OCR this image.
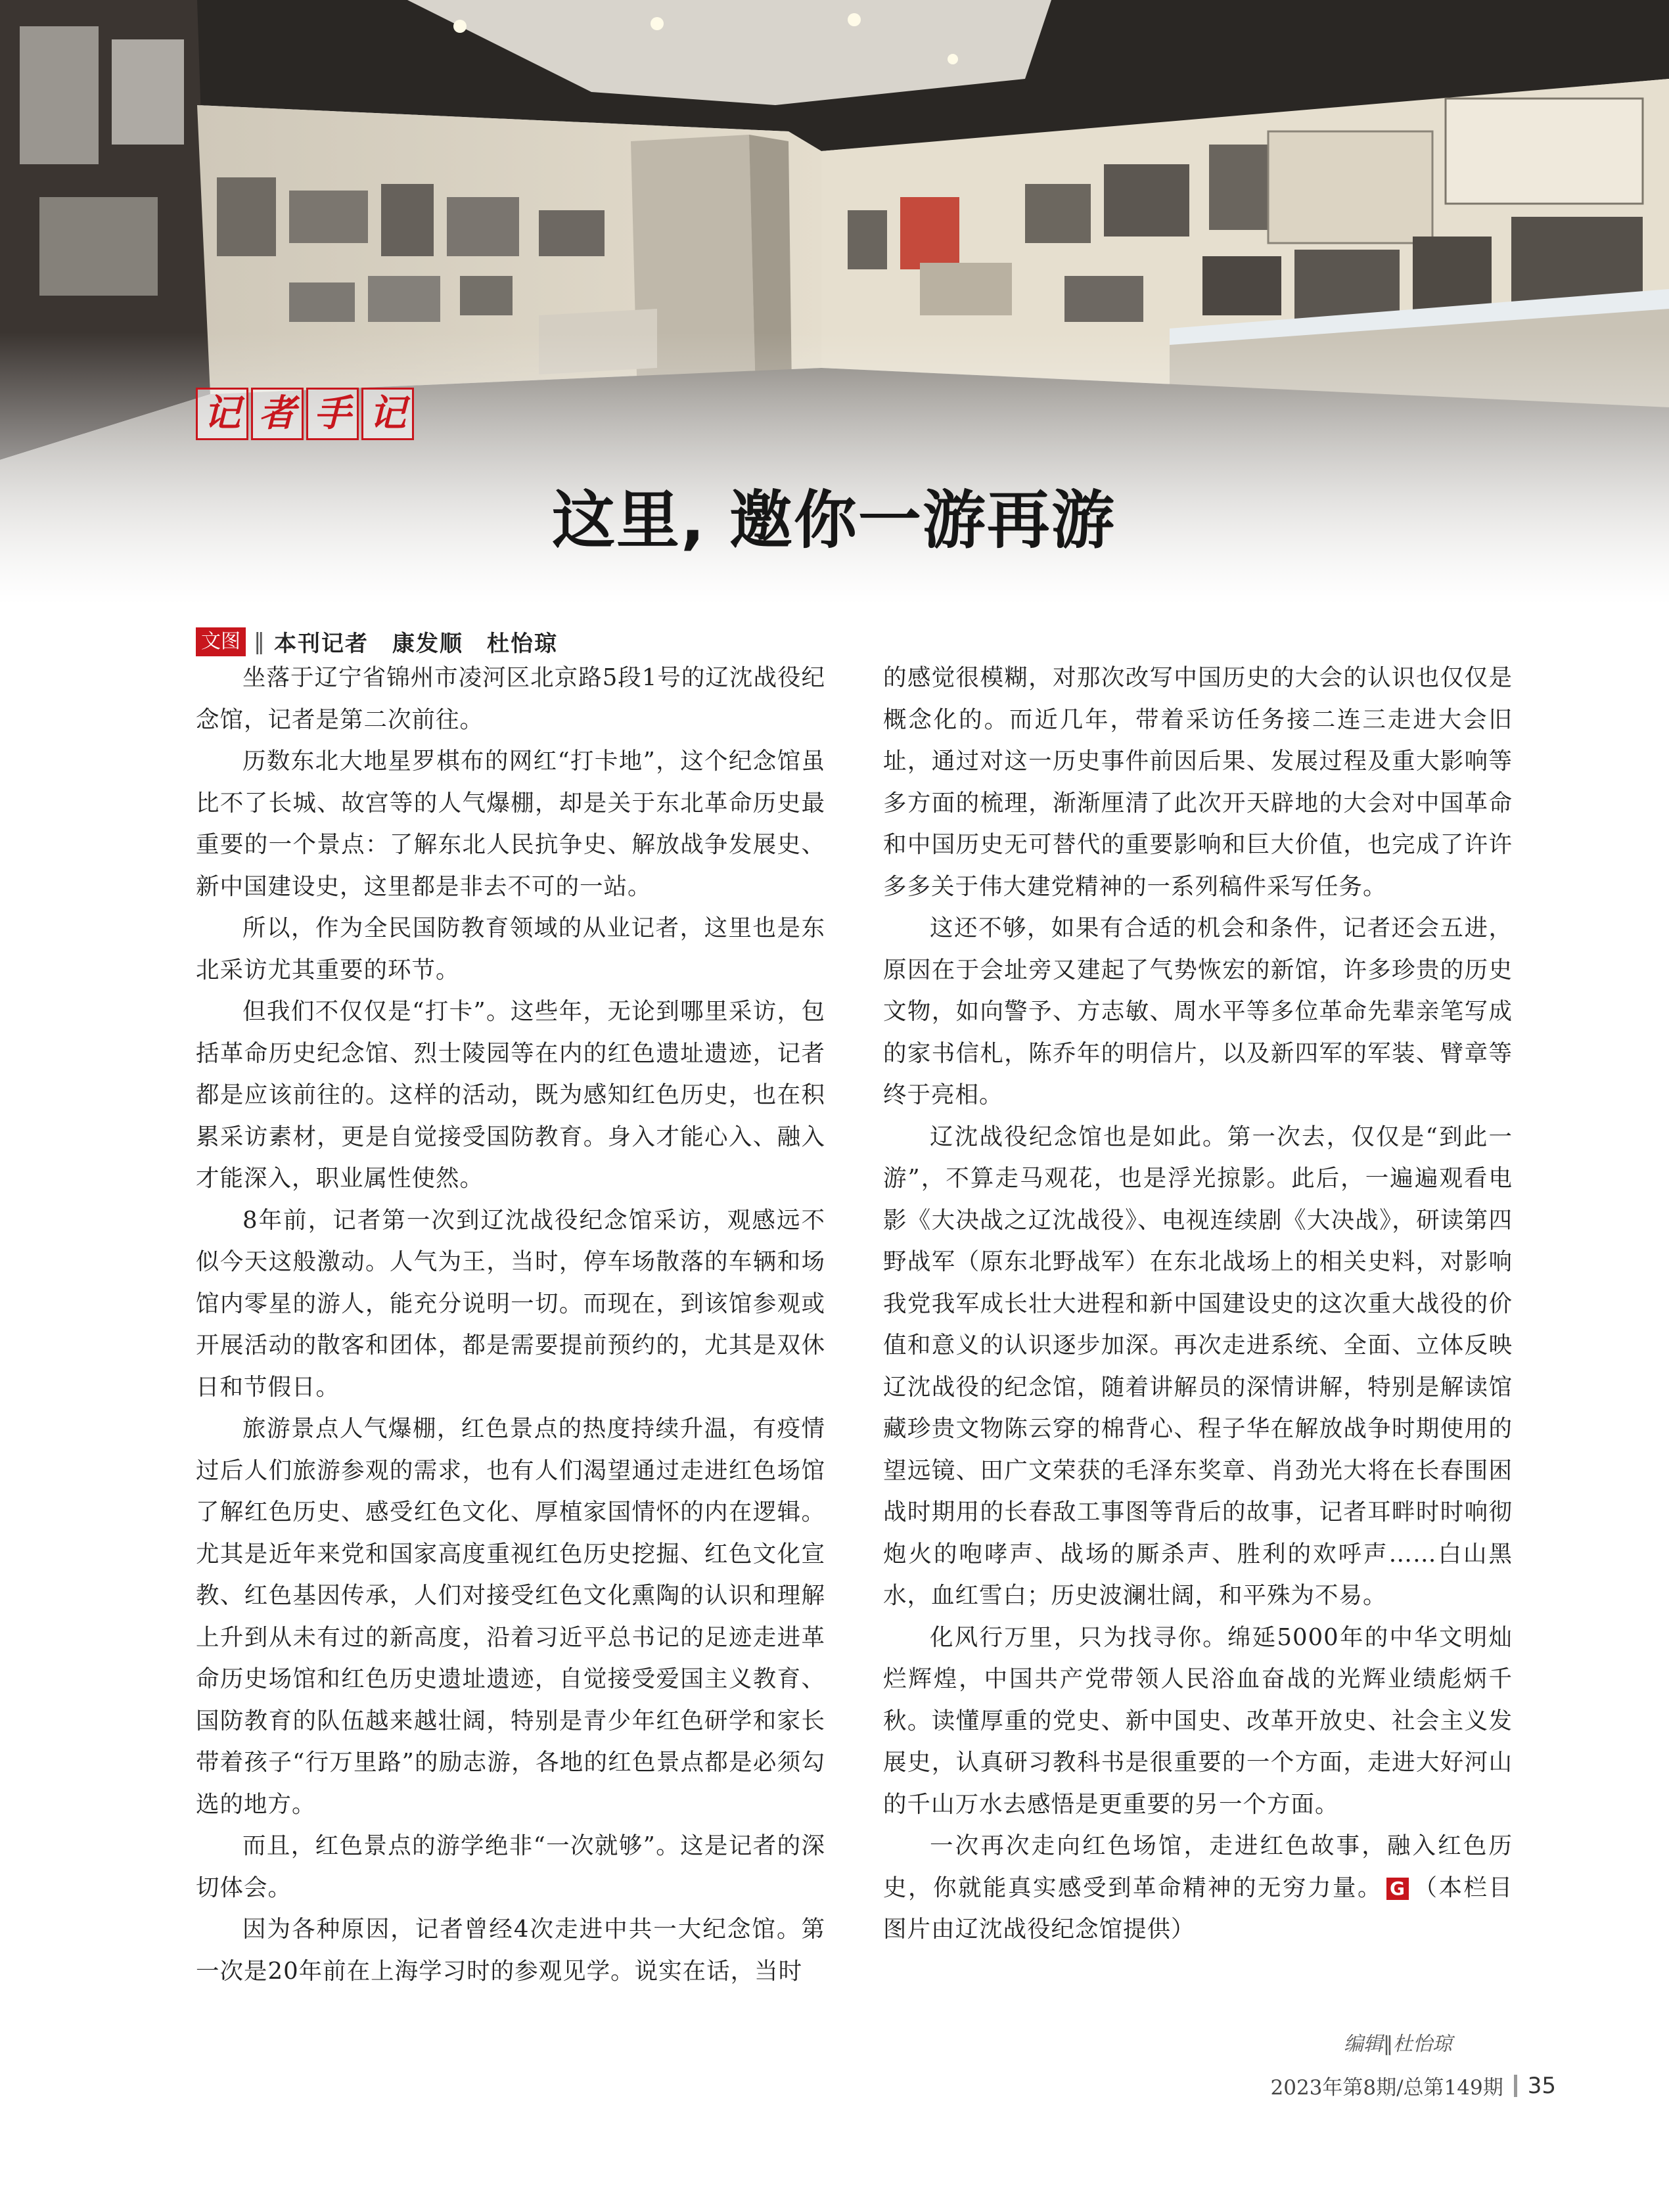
记 者 手 记
这里, 邀你一游再游
文图 ‖ 本刊记者　康发顺　杜怡琼

坐落于辽宁省锦州市凌河区北京路5段1号的辽沈战役纪念馆，记者是第二次前往。

历数东北大地星罗棋布的网红“打卡地”，这个纪念馆虽比不了长城、故宫等的人气爆棚，却是关于东北革命历史最重要的一个景点：了解东北人民抗争史、解放战争发展史、新中国建设史，这里都是非去不可的一站。

所以，作为全民国防教育领域的从业记者，这里也是东北采访尤其重要的环节。

但我们不仅仅是“打卡”。这些年，无论到哪里采访，包括革命历史纪念馆、烈士陵园等在内的红色遗址遗迹，记者都是应该前往的。这样的活动，既为感知红色历史，也在积累采访素材，更是自觉接受国防教育。身入才能心入、融入才能深入，职业属性使然。

8年前，记者第一次到辽沈战役纪念馆采访，观感远不似今天这般激动。人气为王，当时，停车场散落的车辆和场馆内零星的游人，能充分说明一切。而现在，到该馆参观或开展活动的散客和团体，都是需要提前预约的，尤其是双休日和节假日。

旅游景点人气爆棚，红色景点的热度持续升温，有疫情过后人们旅游参观的需求，也有人们渴望通过走进红色场馆了解红色历史、感受红色文化、厚植家国情怀的内在逻辑。尤其是近年来党和国家高度重视红色历史挖掘、红色文化宣教、红色基因传承，人们对接受红色文化熏陶的认识和理解上升到从未有过的新高度，沿着习近平总书记的足迹走进革命历史场馆和红色历史遗址遗迹，自觉接受爱国主义教育、国防教育的队伍越来越壮阔，特别是青少年红色研学和家长带着孩子“行万里路”的励志游，各地的红色景点都是必须勾选的地方。

而且，红色景点的游学绝非“一次就够”。这是记者的深切体会。

因为各种原因，记者曾经4次走进中共一大纪念馆。第一次是20年前在上海学习时的参观见学。说实在话，当时

的感觉很模糊，对那次改写中国历史的大会的认识也仅仅是概念化的。而近几年，带着采访任务接二连三走进大会旧址，通过对这一历史事件前因后果、发展过程及重大影响等多方面的梳理，渐渐厘清了此次开天辟地的大会对中国革命和中国历史无可替代的重要影响和巨大价值，也完成了许许多多关于伟大建党精神的一系列稿件采写任务。

这还不够，如果有合适的机会和条件，记者还会五进，原因在于会址旁又建起了气势恢宏的新馆，许多珍贵的历史文物，如向警予、方志敏、周水平等多位革命先辈亲笔写成的家书信札，陈乔年的明信片，以及新四军的军装、臂章等终于亮相。

辽沈战役纪念馆也是如此。第一次去，仅仅是“到此一游”，不算走马观花，也是浮光掠影。此后，一遍遍观看电影《大决战之辽沈战役》、电视连续剧《大决战》，研读第四野战军（原东北野战军）在东北战场上的相关史料，对影响我党我军成长壮大进程和新中国建设史的这次重大战役的价值和意义的认识逐步加深。再次走进系统、全面、立体反映辽沈战役的纪念馆，随着讲解员的深情讲解，特别是解读馆藏珍贵文物陈云穿的棉背心、程子华在解放战争时期使用的望远镜、田广文荣获的毛泽东奖章、肖劲光大将在长春围困战时期用的长春敌工事图等背后的故事，记者耳畔时时响彻炮火的咆哮声、战场的厮杀声、胜利的欢呼声……白山黑水，血红雪白；历史波澜壮阔，和平殊为不易。

化风行万里，只为找寻你。绵延5000年的中华文明灿烂辉煌，中国共产党带领人民浴血奋战的光辉业绩彪炳千秋。读懂厚重的党史、新中国史、改革开放史、社会主义发展史，认真研习教科书是很重要的一个方面，走进大好河山的千山万水去感悟是更重要的另一个方面。

一次再次走向红色场馆，走进红色故事，融入红色历史，你就能真实感受到革命精神的无穷力量。 G （本栏目图片由辽沈战役纪念馆提供）

编辑‖杜怡琼
2023年第8期/总第149期 35
